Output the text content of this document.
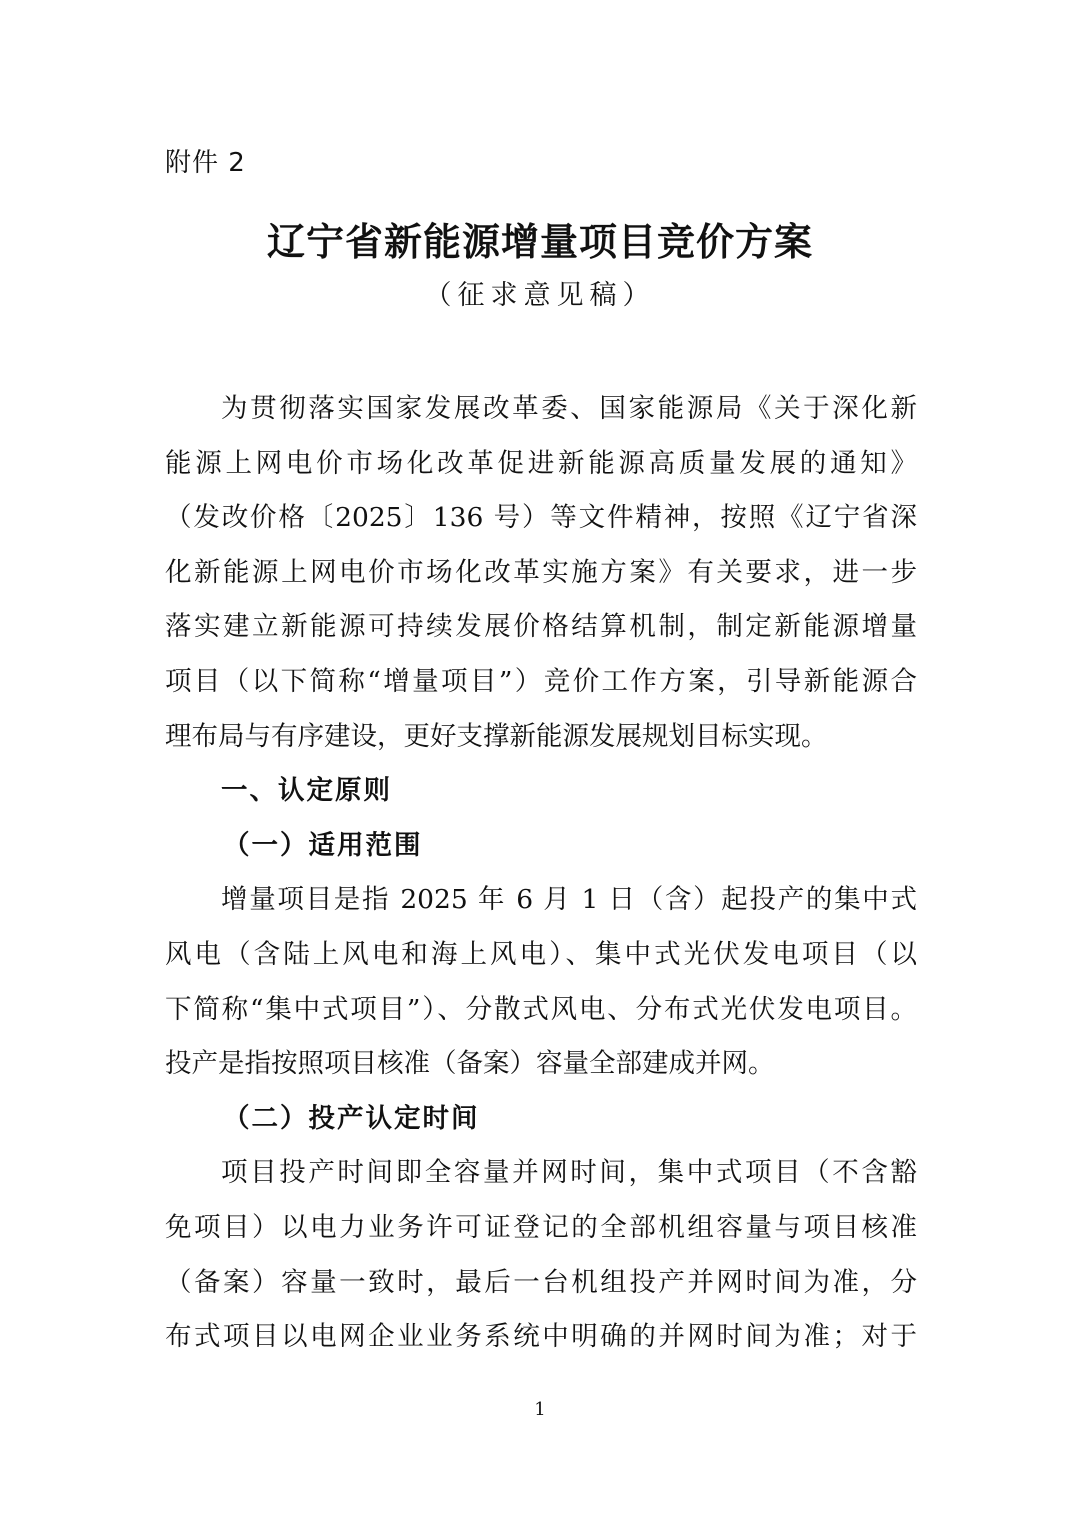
附件 2
辽宁省新能源增量项目竞价方案
（征求意见稿）
为贯彻落实国家发展改革委、国家能源局《关于深化新
能源上网电价市场化改革促进新能源高质量发展的通知》
（发改价格〔2025〕136 号）等文件精神，按照《辽宁省深
化新能源上网电价市场化改革实施方案》有关要求，进一步
落实建立新能源可持续发展价格结算机制，制定新能源增量
项目（以下简称“增量项目”）竞价工作方案，引导新能源合
理布局与有序建设，更好支撑新能源发展规划目标实现。
一、认定原则
（一）适用范围
增量项目是指 2025 年 6 月 1 日（含）起投产的集中式
风电（含陆上风电和海上风电）、集中式光伏发电项目（以
下简称“集中式项目”）、分散式风电、分布式光伏发电项目。
投产是指按照项目核准（备案）容量全部建成并网。
（二）投产认定时间
项目投产时间即全容量并网时间，集中式项目（不含豁
免项目）以电力业务许可证登记的全部机组容量与项目核准
（备案）容量一致时，最后一台机组投产并网时间为准，分
布式项目以电网企业业务系统中明确的并网时间为准；对于
1
